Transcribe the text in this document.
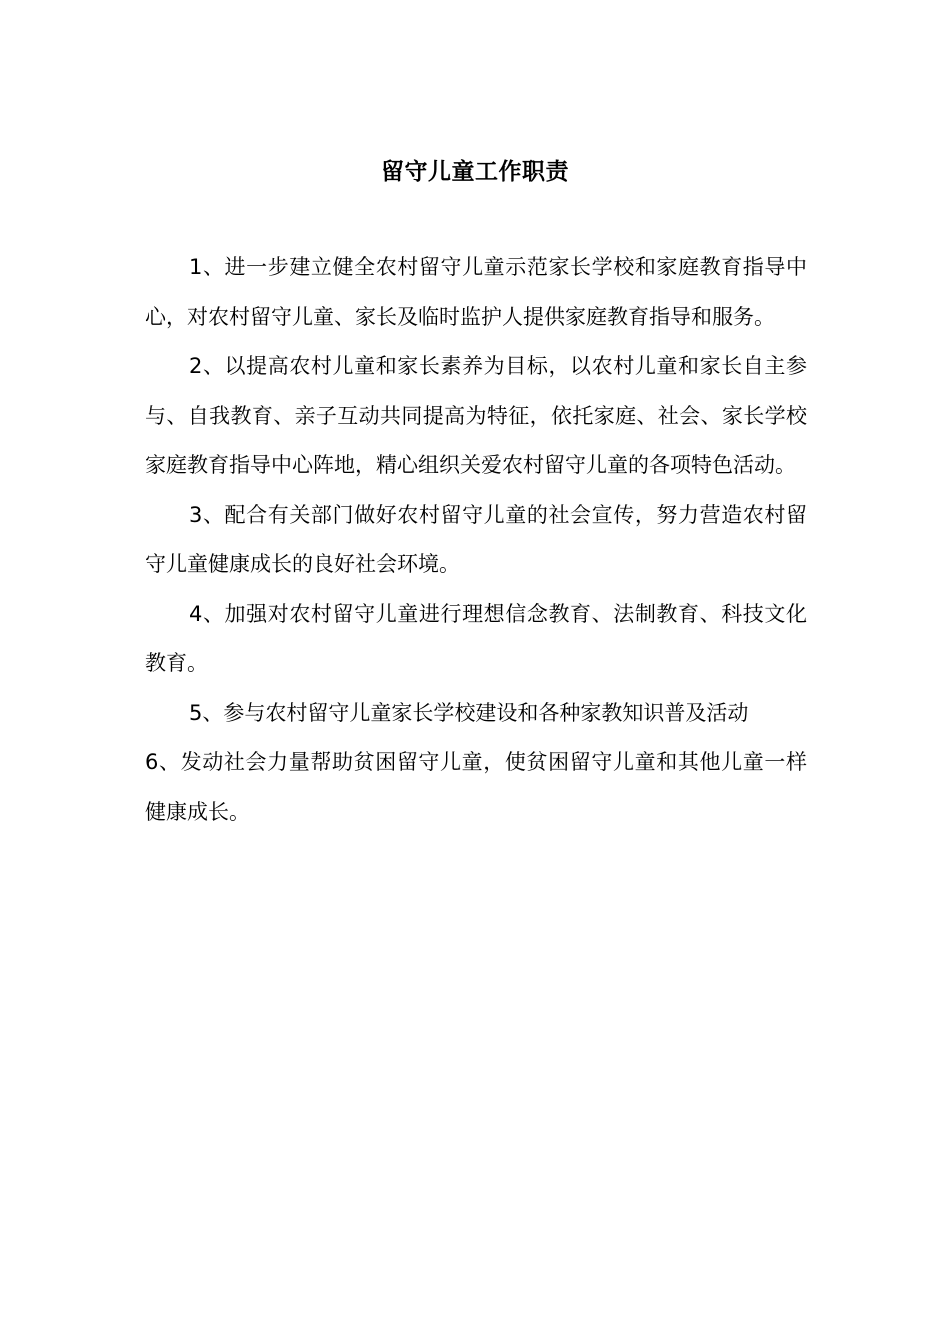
留守儿童工作职责

1、进一步建立健全农村留守儿童示范家长学校和家庭教育指导中心，对农村留守儿童、家长及临时监护人提供家庭教育指导和服务。

2、以提高农村儿童和家长素养为目标，以农村儿童和家长自主参与、自我教育、亲子互动共同提高为特征，依托家庭、社会、家长学校家庭教育指导中心阵地，精心组织关爱农村留守儿童的各项特色活动。

3、配合有关部门做好农村留守儿童的社会宣传，努力营造农村留守儿童健康成长的良好社会环境。

4、加强对农村留守儿童进行理想信念教育、法制教育、科技文化教育。

5、参与农村留守儿童家长学校建设和各种家教知识普及活动

6、发动社会力量帮助贫困留守儿童，使贫困留守儿童和其他儿童一样健康成长。
